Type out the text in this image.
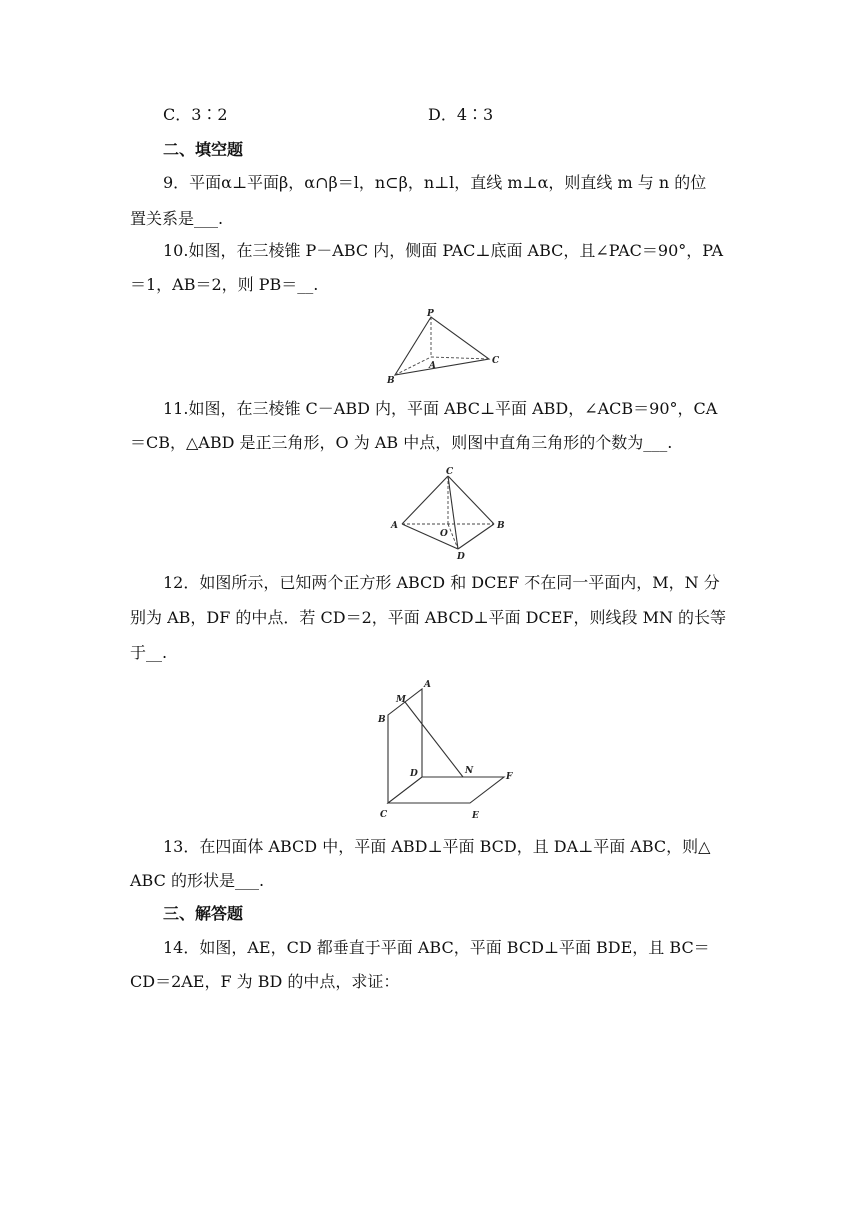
C．3∶2	D．4∶3
二、填空题
9．平面α⊥平面β，α∩β＝l，n⊂β，n⊥l，直线 m⊥α，则直线 m 与 n 的位
置关系是___.
10.如图，在三棱锥 P－ABC 内，侧面 PAC⊥底面 ABC，且∠PAC＝90°，PA
＝1，AB＝2，则 PB＝__.
P
A
B
C
11.如图，在三棱锥 C－ABD 内，平面 ABC⊥平面 ABD，∠ACB＝90°，CA
＝CB，△ABD 是正三角形，O 为 AB 中点，则图中直角三角形的个数为___.
C
A	B
O
D
12．如图所示，已知两个正方形 ABCD 和 DCEF 不在同一平面内，M，N 分
别为 AB，DF 的中点．若 CD＝2，平面 ABCD⊥平面 DCEF，则线段 MN 的长等
于__.
A
M
B
D	N
F
C	E
13．在四面体 ABCD 中，平面 ABD⊥平面 BCD，且 DA⊥平面 ABC，则△
ABC 的形状是___.
三、解答题
14．如图，AE，CD 都垂直于平面 ABC，平面 BCD⊥平面 BDE，且 BC＝
CD＝2AE，F 为 BD 的中点，求证：
